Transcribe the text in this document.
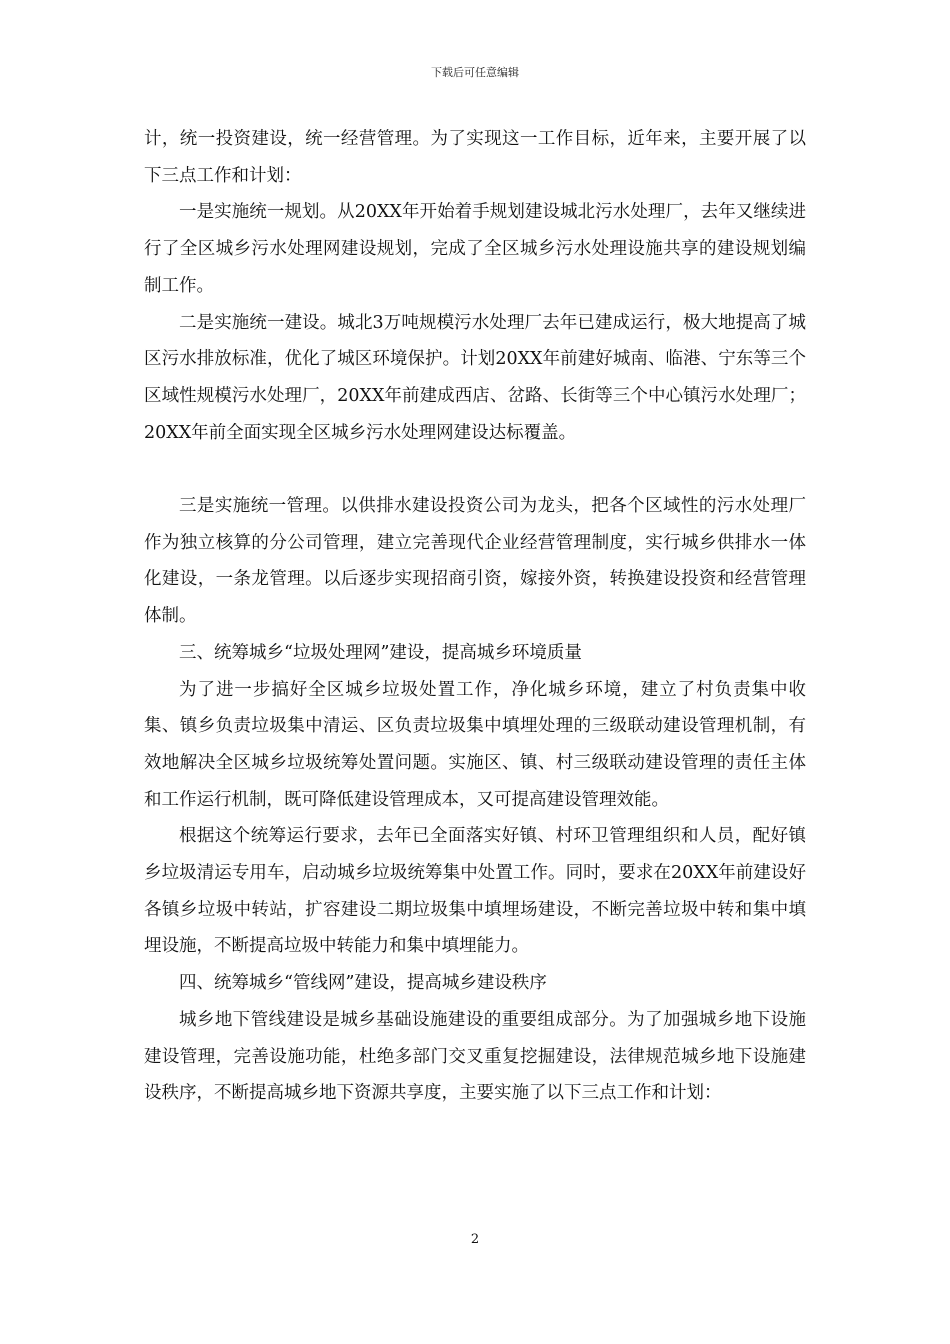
下载后可任意编辑

计，统一投资建设，统一经营管理。为了实现这一工作目标，近年来，主要开展了以下三点工作和计划：

一是实施统一规划。从20XX年开始着手规划建设城北污水处理厂，去年又继续进行了全区城乡污水处理网建设规划，完成了全区城乡污水处理设施共享的建设规划编制工作。

二是实施统一建设。城北3万吨规模污水处理厂去年已建成运行，极大地提高了城区污水排放标准，优化了城区环境保护。计划20XX年前建好城南、临港、宁东等三个区域性规模污水处理厂，20XX年前建成西店、岔路、长街等三个中心镇污水处理厂；20XX年前全面实现全区城乡污水处理网建设达标覆盖。

三是实施统一管理。以供排水建设投资公司为龙头，把各个区域性的污水处理厂作为独立核算的分公司管理，建立完善现代企业经营管理制度，实行城乡供排水一体化建设，一条龙管理。以后逐步实现招商引资，嫁接外资，转换建设投资和经营管理体制。

三、统筹城乡“垃圾处理网”建设，提高城乡环境质量

为了进一步搞好全区城乡垃圾处置工作，净化城乡环境，建立了村负责集中收集、镇乡负责垃圾集中清运、区负责垃圾集中填埋处理的三级联动建设管理机制，有效地解决全区城乡垃圾统筹处置问题。实施区、镇、村三级联动建设管理的责任主体和工作运行机制，既可降低建设管理成本，又可提高建设管理效能。

根据这个统筹运行要求，去年已全面落实好镇、村环卫管理组织和人员，配好镇乡垃圾清运专用车，启动城乡垃圾统筹集中处置工作。同时，要求在20XX年前建设好各镇乡垃圾中转站，扩容建设二期垃圾集中填埋场建设，不断完善垃圾中转和集中填埋设施，不断提高垃圾中转能力和集中填埋能力。

四、统筹城乡“管线网”建设，提高城乡建设秩序

城乡地下管线建设是城乡基础设施建设的重要组成部分。为了加强城乡地下设施建设管理，完善设施功能，杜绝多部门交叉重复挖掘建设，法律规范城乡地下设施建设秩序，不断提高城乡地下资源共享度，主要实施了以下三点工作和计划：

2
